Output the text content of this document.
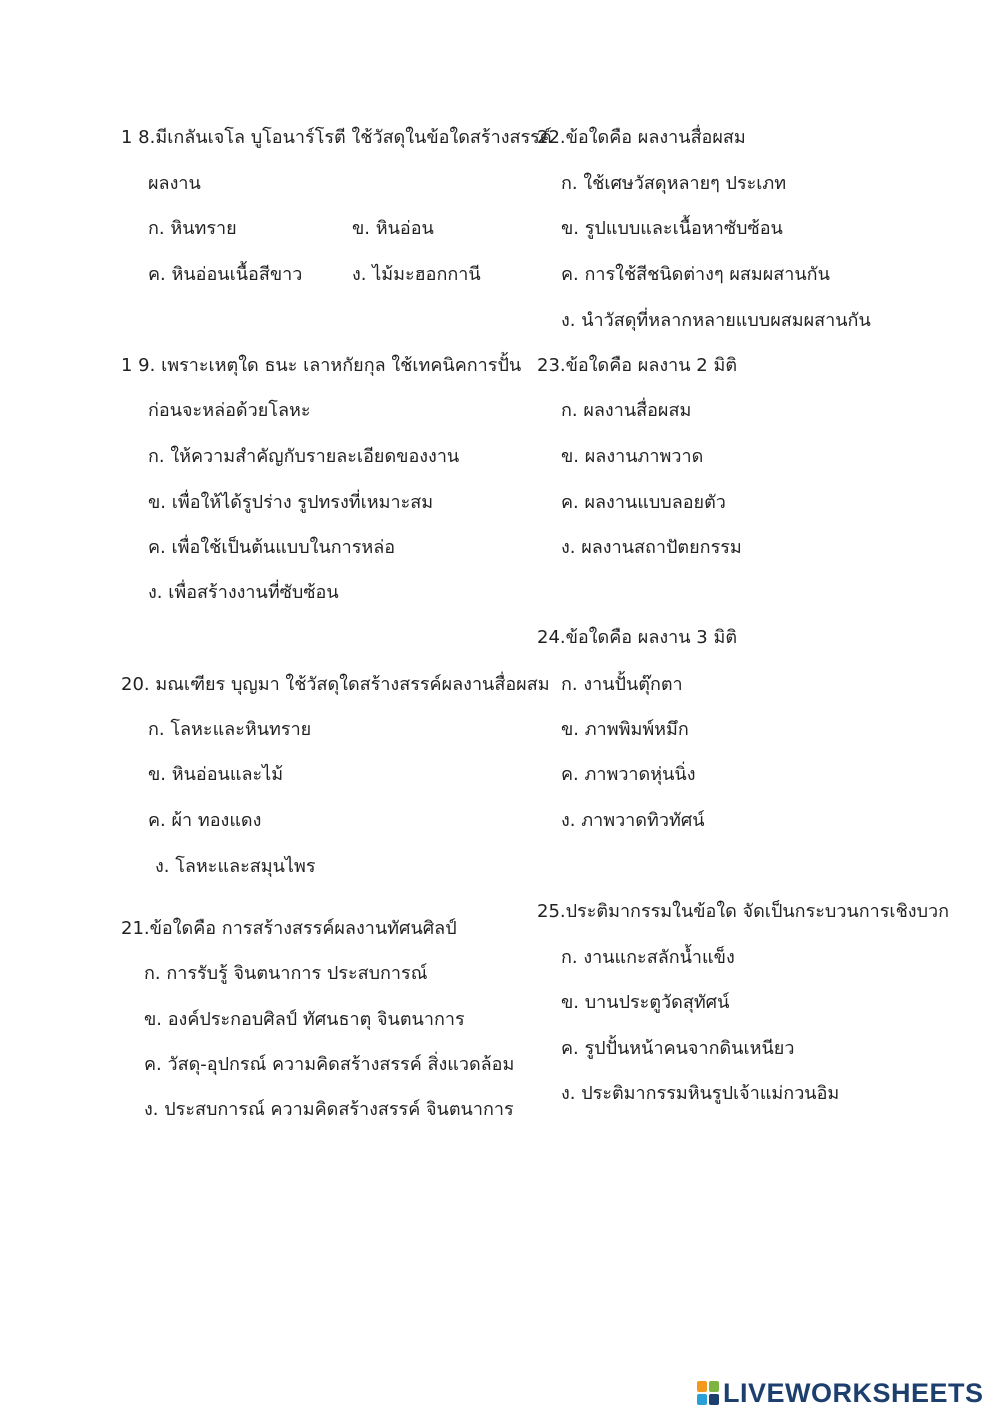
1 8.มีเกลันเจโล บูโอนาร์โรตี ใช้วัสดุในข้อใดสร้างสรรค์
ผลงาน
ก. หินทราย	ข. หินอ่อน
ค. หินอ่อนเนื้อสีขาว	ง. ไม้มะฮอกกานี
1 9. เพราะเหตุใด ธนะ เลาหกัยกุล ใช้เทคนิคการปั้น
ก่อนจะหล่อด้วยโลหะ
ก. ให้ความสำคัญกับรายละเอียดของงาน
ข. เพื่อให้ได้รูปร่าง รูปทรงที่เหมาะสม
ค. เพื่อใช้เป็นต้นแบบในการหล่อ
ง. เพื่อสร้างงานที่ซับซ้อน
20. มณเฑียร บุญมา ใช้วัสดุใดสร้างสรรค์ผลงานสื่อผสม
ก. โลหะและหินทราย
ข. หินอ่อนและไม้
ค. ผ้า ทองแดง
ง. โลหะและสมุนไพร
21.ข้อใดคือ การสร้างสรรค์ผลงานทัศนศิลป์
ก. การรับรู้ จินตนาการ ประสบการณ์
ข. องค์ประกอบศิลป์ ทัศนธาตุ จินตนาการ
ค. วัสดุ-อุปกรณ์ ความคิดสร้างสรรค์ สิ่งแวดล้อม
ง. ประสบการณ์ ความคิดสร้างสรรค์ จินตนาการ
22.ข้อใดคือ ผลงานสื่อผสม
ก. ใช้เศษวัสดุหลายๆ ประเภท
ข. รูปแบบและเนื้อหาซับซ้อน
ค. การใช้สีชนิดต่างๆ ผสมผสานกัน
ง. นำวัสดุที่หลากหลายแบบผสมผสานกัน
23.ข้อใดคือ ผลงาน 2 มิติ
ก. ผลงานสื่อผสม
ข. ผลงานภาพวาด
ค. ผลงานแบบลอยตัว
ง. ผลงานสถาปัตยกรรม
24.ข้อใดคือ ผลงาน 3 มิติ
ก. งานปั้นตุ๊กตา
ข. ภาพพิมพ์หมึก
ค. ภาพวาดหุ่นนิ่ง
ง. ภาพวาดทิวทัศน์
25.ประติมากรรมในข้อใด จัดเป็นกระบวนการเชิงบวก
ก. งานแกะสลักน้ำแข็ง
ข. บานประตูวัดสุทัศน์
ค. รูปปั้นหน้าคนจากดินเหนียว
ง. ประติมากรรมหินรูปเจ้าแม่กวนอิม
LIVEWORKSHEETS
